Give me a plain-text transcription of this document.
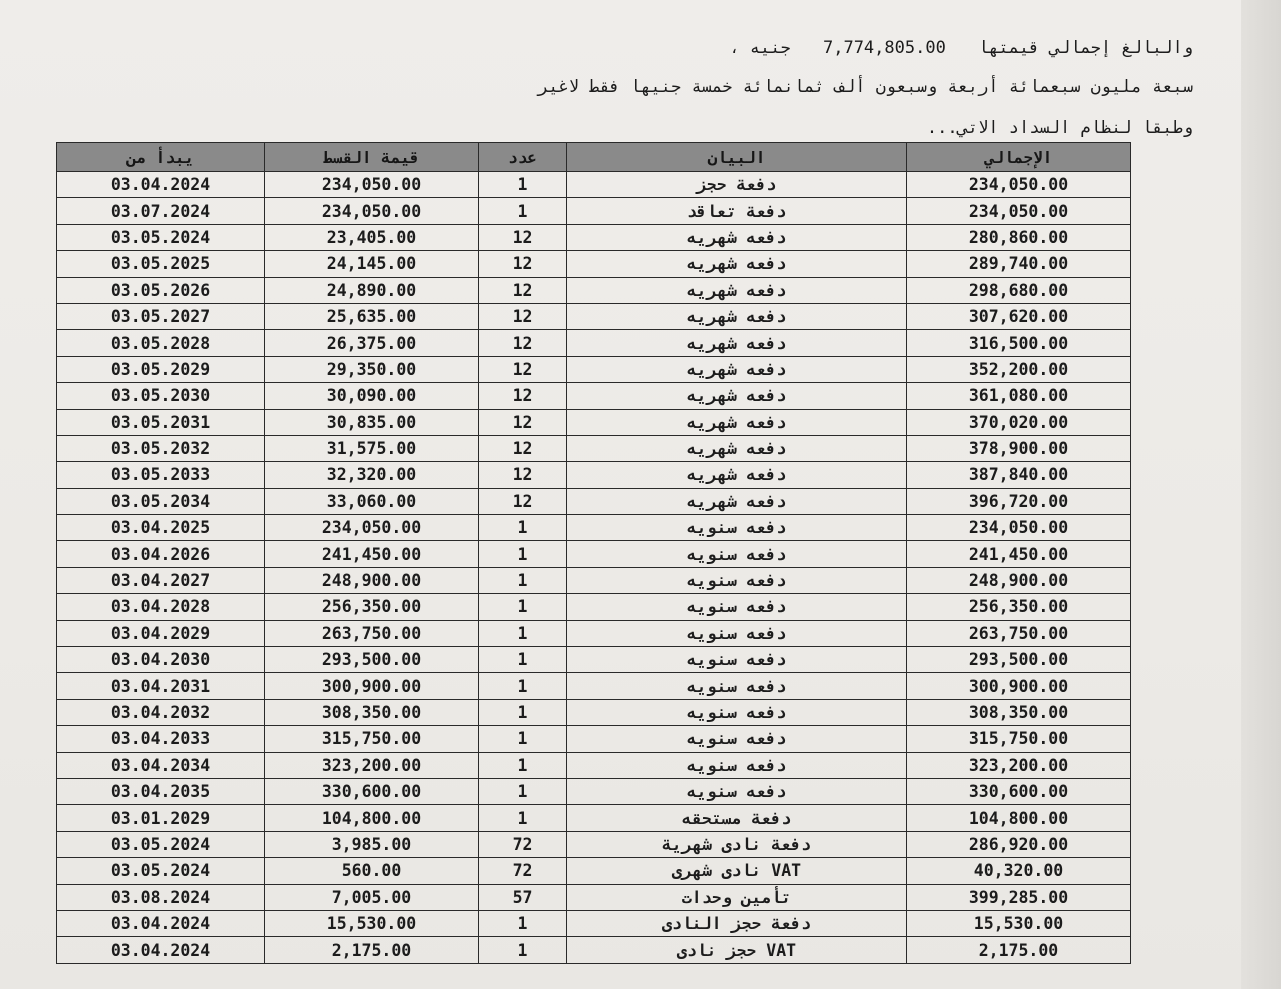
والبالغ إجمالي قيمتها 7,774,805.00 جنيه ،
سبعة مليون سبعمائة أربعة وسبعون ألف ثمانمائة خمسة جنيها فقط لاغير
وطبقا لنظام السداد الاتي...
يبدأ من	قيمة القسط	عدد	البيان	الإجمالي
03.04.2024	234,050.00	1	دفعة حجز	234,050.00
03.07.2024	234,050.00	1	دفعة تعاقد	234,050.00
03.05.2024	23,405.00	12	دفعه شهريه	280,860.00
03.05.2025	24,145.00	12	دفعه شهريه	289,740.00
03.05.2026	24,890.00	12	دفعه شهريه	298,680.00
03.05.2027	25,635.00	12	دفعه شهريه	307,620.00
03.05.2028	26,375.00	12	دفعه شهريه	316,500.00
03.05.2029	29,350.00	12	دفعه شهريه	352,200.00
03.05.2030	30,090.00	12	دفعه شهريه	361,080.00
03.05.2031	30,835.00	12	دفعه شهريه	370,020.00
03.05.2032	31,575.00	12	دفعه شهريه	378,900.00
03.05.2033	32,320.00	12	دفعه شهريه	387,840.00
03.05.2034	33,060.00	12	دفعه شهريه	396,720.00
03.04.2025	234,050.00	1	دفعه سنويه	234,050.00
03.04.2026	241,450.00	1	دفعه سنويه	241,450.00
03.04.2027	248,900.00	1	دفعه سنويه	248,900.00
03.04.2028	256,350.00	1	دفعه سنويه	256,350.00
03.04.2029	263,750.00	1	دفعه سنويه	263,750.00
03.04.2030	293,500.00	1	دفعه سنويه	293,500.00
03.04.2031	300,900.00	1	دفعه سنويه	300,900.00
03.04.2032	308,350.00	1	دفعه سنويه	308,350.00
03.04.2033	315,750.00	1	دفعه سنويه	315,750.00
03.04.2034	323,200.00	1	دفعه سنويه	323,200.00
03.04.2035	330,600.00	1	دفعه سنويه	330,600.00
03.01.2029	104,800.00	1	دفعة مستحقه	104,800.00
03.05.2024	3,985.00	72	دفعة نادى شهرية	286,920.00
03.05.2024	560.00	72	VAT نادى شهرى	40,320.00
03.08.2024	7,005.00	57	تأمين وحدات	399,285.00
03.04.2024	15,530.00	1	دفعة حجز النادى	15,530.00
03.04.2024	2,175.00	1	VAT حجز نادى	2,175.00
